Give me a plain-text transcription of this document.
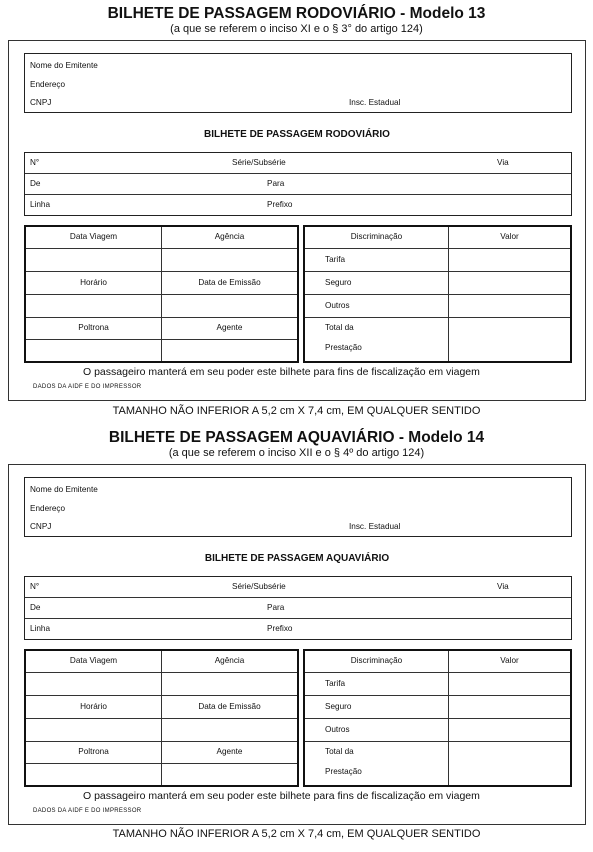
BILHETE DE PASSAGEM RODOVIÁRIO - Modelo 13
(a que se referem o inciso XI e o § 3° do artigo 124)
Nome do Emitente
Endereço
CNPJ	Insc. Estadual
BILHETE DE PASSAGEM RODOVIÁRIO
N°	Série/Subsérie	Via
De	Para
Linha	Prefixo
Data Viagem	Agência
Horário	Data de Emissão
Poltrona	Agente
Discriminação	Valor
Tarifa
Seguro
Outros
Total da
Prestação
O passageiro manterá em seu poder este bilhete para fins de fiscalização em viagem
DADOS DA AIDF E DO IMPRESSOR
TAMANHO NÃO INFERIOR A 5,2 cm X 7,4 cm, EM QUALQUER SENTIDO
BILHETE DE PASSAGEM AQUAVIÁRIO - Modelo 14
(a que se referem o inciso XII e o § 4º do artigo 124)
Nome do Emitente
Endereço
CNPJ	Insc. Estadual
BILHETE DE PASSAGEM AQUAVIÁRIO
N°	Série/Subsérie	Via
De	Para
Linha	Prefixo
Data Viagem	Agência
Horário	Data de Emissão
Poltrona	Agente
Discriminação	Valor
Tarifa
Seguro
Outros
Total da
Prestação
O passageiro manterá em seu poder este bilhete para fins de fiscalização em viagem
DADOS DA AIDF E DO IMPRESSOR
TAMANHO NÃO INFERIOR A 5,2 cm X 7,4 cm, EM QUALQUER SENTIDO
